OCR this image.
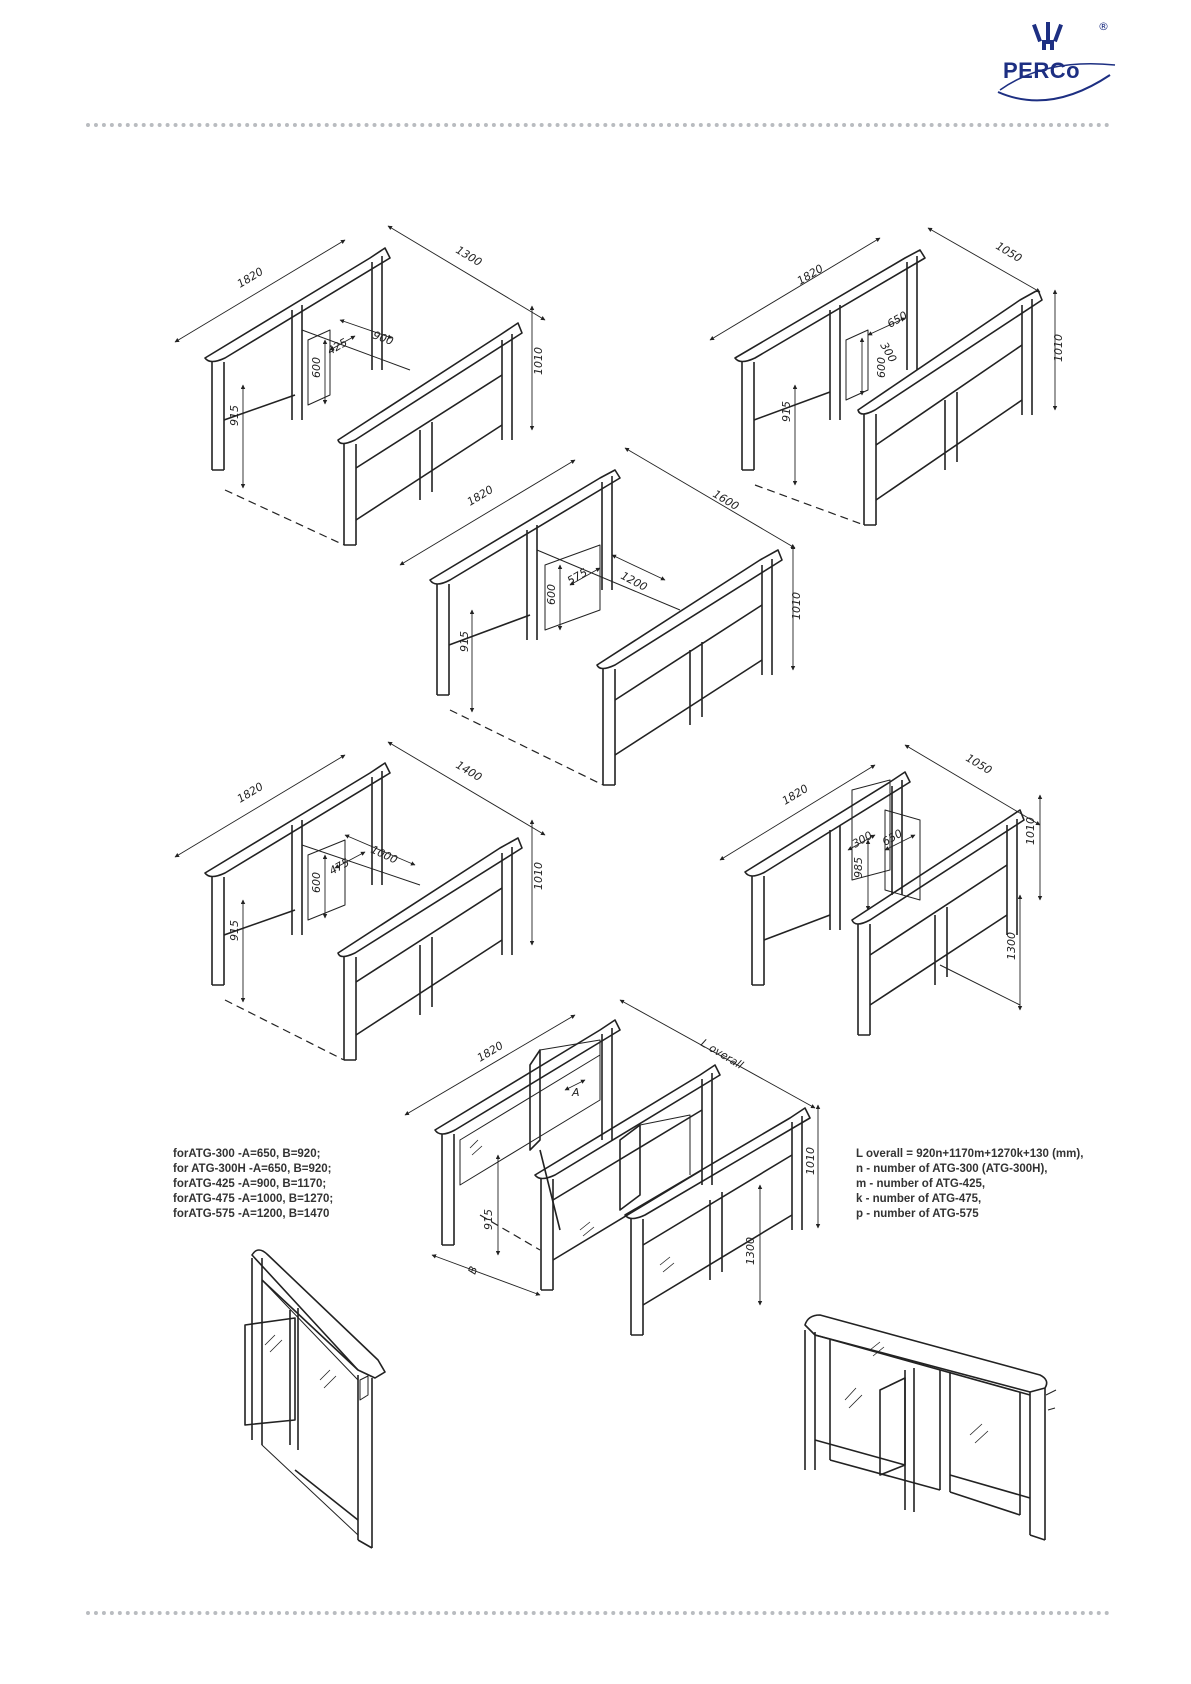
PERCo
®
1820
1300
900
425
600	1010
915
1820
1050
650
300
600
1010
915
1820	1600
1200
575
600	1010
915
1820
1400
1000
475
600	1010
915
1820
1050
300 650
985
1010
1300
1820	L overall
A
B
915
1010
1300
forATG-300 -A=650, B=920;
for ATG-300H -A=650, B=920;
forATG-425 -A=900, B=1170;
forATG-475 -A=1000, B=1270;
forATG-575 -A=1200, B=1470
L overall = 920n+1170m+1270k+130 (mm),
n - number of ATG-300 (ATG-300H),
m - number of ATG-425,
k - number of ATG-475,
p - number of ATG-575
